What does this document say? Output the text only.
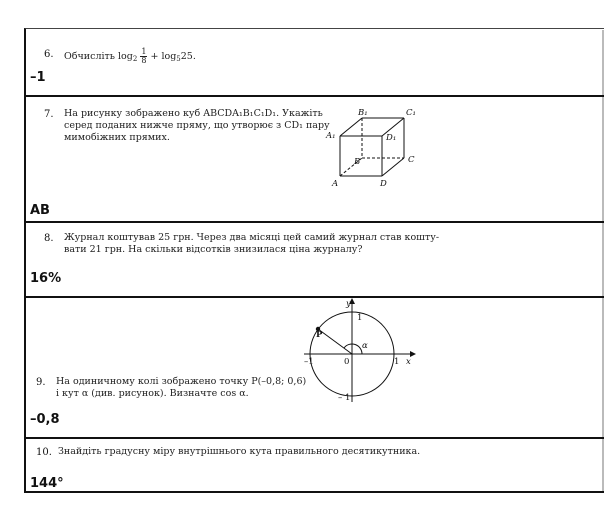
6. Обчисліть $\log_2 \frac{1}{8} + \log_525$.
–1
7. На рисунку зображено куб ABCDA₁B₁C₁D₁. Укажіть
серед поданих нижче пряму, що утворює з CD₁ пару
мимобіжних прямих.	A₁
B₁	C₁
D₁
B	C
A	D
AB
8. Журнал коштував 25 грн. Через два місяці цей самий журнал став кошту-
вати 21 грн. На скільки відсотків знизилася ціна журналу?
16%
y
x
1
1
–1
– 1
0
P
α
9. На одиничному колі зображено точку P(–0,8; 0,6)
і кут α (див. рисунок). Визначте cos α.
–0,8
10. Знайдіть градусну міру внутрішнього кута правильного десятикутника.
144°
